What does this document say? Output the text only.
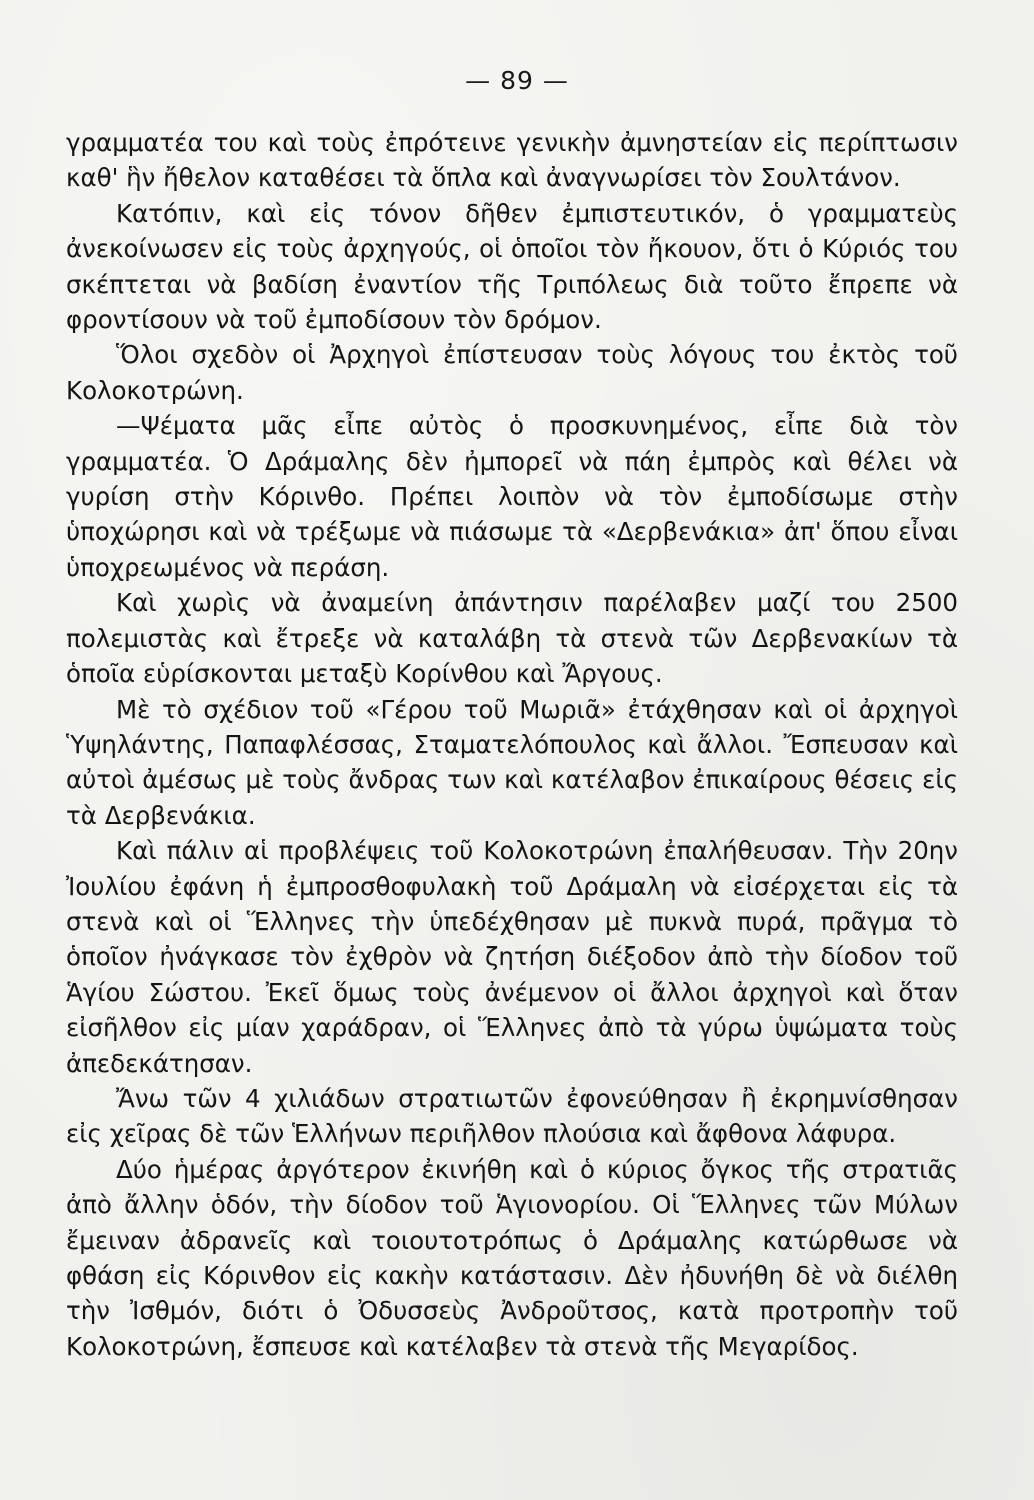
— 89 —

γραμματέα του καὶ τοὺς ἐπρότεινε γενικὴν ἀμνηστείαν εἰς περίπτωσιν καθ' ἣν ἤθελον καταθέσει τὰ ὅπλα καὶ ἀναγνωρίσει τὸν Σουλτάνον.

Κατόπιν, καὶ εἰς τόνον δῆθεν ἐμπιστευτικόν, ὁ γραμματεὺς ἀνεκοίνωσεν εἰς τοὺς ἀρχηγούς, οἱ ὁποῖοι τὸν ἤκουον, ὅτι ὁ Κύριός του σκέπτεται νὰ βαδίση ἐναντίον τῆς Τριπόλεως διὰ τοῦτο ἔπρεπε νὰ φροντίσουν νὰ τοῦ ἐμποδίσουν τὸν δρόμον.

Ὅλοι σχεδὸν οἱ Ἀρχηγοὶ ἐπίστευσαν τοὺς λόγους του ἐκτὸς τοῦ Κολοκοτρώνη.

—Ψέματα μᾶς εἶπε αὐτὸς ὁ προσκυνημένος, εἶπε διὰ τὸν γραμματέα. Ὁ Δράμαλης δὲν ἠμπορεῖ νὰ πάη ἐμπρὸς καὶ θέλει νὰ γυρίση στὴν Κόρινθο. Πρέπει λοιπὸν νὰ τὸν ἐμποδίσωμε στὴν ὑποχώρησι καὶ νὰ τρέξωμε νὰ πιάσωμε τὰ «Δερβενάκια» ἀπ' ὅπου εἶναι ὑποχρεωμένος νὰ περάση.

Καὶ χωρὶς νὰ ἀναμείνη ἀπάντησιν παρέλαβεν μαζί του 2500 πολεμιστὰς καὶ ἔτρεξε νὰ καταλάβη τὰ στενὰ τῶν Δερβενακίων τὰ ὁποῖα εὑρίσκονται μεταξὺ Κορίνθου καὶ Ἄργους.

Μὲ τὸ σχέδιον τοῦ «Γέρου τοῦ Μωριᾶ» ἐτάχθησαν καὶ οἱ ἀρχηγοὶ Ὑψηλάντης, Παπαφλέσσας, Σταματελόπουλος καὶ ἄλλοι. Ἔσπευσαν καὶ αὐτοὶ ἀμέσως μὲ τοὺς ἄνδρας των καὶ κατέλαβον ἐπικαίρους θέσεις εἰς τὰ Δερβενάκια.

Καὶ πάλιν αἱ προβλέψεις τοῦ Κολοκοτρώνη ἐπαλήθευσαν. Τὴν 20ην Ἰουλίου ἐφάνη ἡ ἐμπροσθοφυλακὴ τοῦ Δράμαλη νὰ εἰσέρχεται εἰς τὰ στενὰ καὶ οἱ Ἕλληνες τὴν ὑπεδέχθησαν μὲ πυκνὰ πυρά, πρᾶγμα τὸ ὁποῖον ἠνάγκασε τὸν ἐχθρὸν νὰ ζητήση διέξοδον ἀπὸ τὴν δίοδον τοῦ Ἁγίου Σώστου. Ἐκεῖ ὅμως τοὺς ἀνέμενον οἱ ἄλλοι ἀρχηγοὶ καὶ ὅταν εἰσῆλθον εἰς μίαν χαράδραν, οἱ Ἕλληνες ἀπὸ τὰ γύρω ὑψώματα τοὺς ἀπεδεκάτησαν.

Ἄνω τῶν 4 χιλιάδων στρατιωτῶν ἐφονεύθησαν ἢ ἐκρημνίσθησαν εἰς χεῖρας δὲ τῶν Ἑλλήνων περιῆλθον πλούσια καὶ ἄφθονα λάφυρα.

Δύο ἡμέρας ἀργότερον ἐκινήθη καὶ ὁ κύριος ὄγκος τῆς στρατιᾶς ἀπὸ ἄλλην ὁδόν, τὴν δίοδον τοῦ Ἁγιονορίου. Οἱ Ἕλληνες τῶν Μύλων ἔμειναν ἀδρανεῖς καὶ τοιουτοτρόπως ὁ Δράμαλης κατώρθωσε νὰ φθάση εἰς Κόρινθον εἰς κακὴν κατάστασιν. Δὲν ἠδυνήθη δὲ νὰ διέλθη τὴν Ἰσθμόν, διότι ὁ Ὀδυσσεὺς Ἀνδροῦτσος, κατὰ προτροπὴν τοῦ Κολοκοτρώνη, ἔσπευσε καὶ κατέλαβεν τὰ στενὰ τῆς Μεγαρίδος.
